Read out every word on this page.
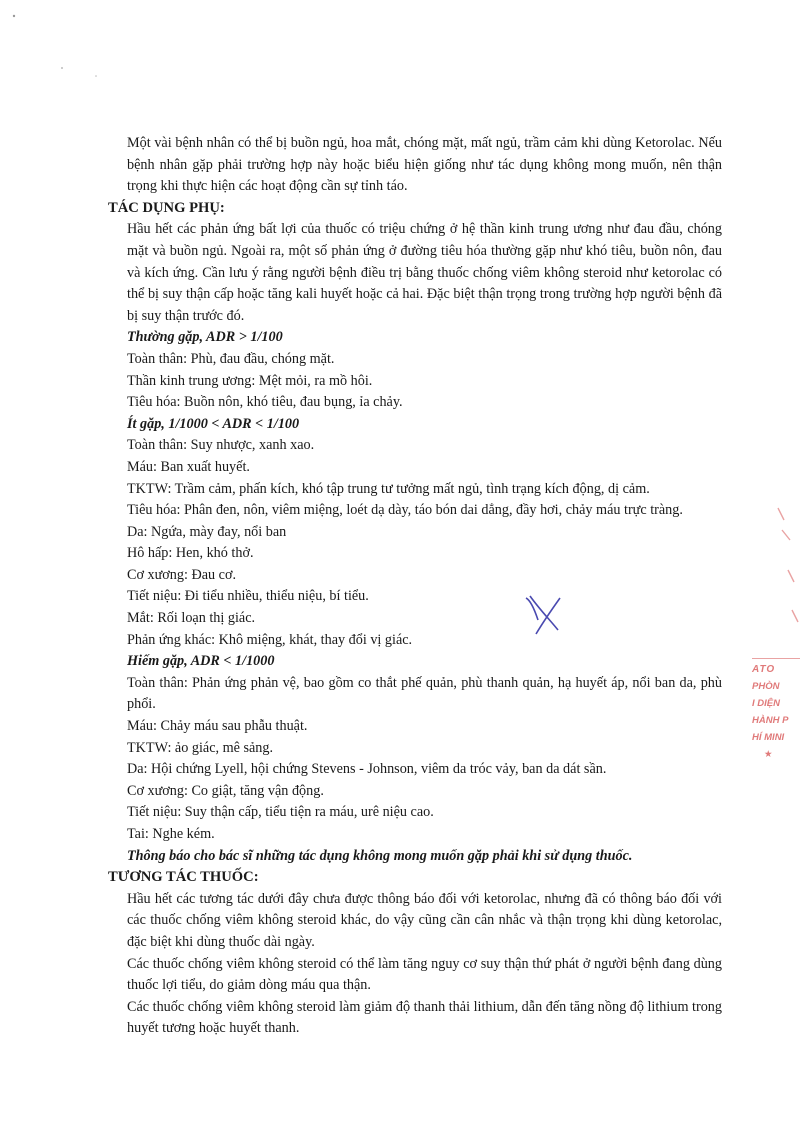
Một vài bệnh nhân có thể bị buồn ngủ, hoa mắt, chóng mặt, mất ngủ, trầm cảm khi dùng Ketorolac. Nếu bệnh nhân gặp phải trường hợp này hoặc biểu hiện giống như tác dụng không mong muốn, nên thận trọng khi thực hiện các hoạt động cần sự tỉnh táo.

TÁC DỤNG PHỤ:

Hầu hết các phản ứng bất lợi của thuốc có triệu chứng ở hệ thần kinh trung ương như đau đầu, chóng mặt và buồn ngủ. Ngoài ra, một số phản ứng ở đường tiêu hóa thường gặp như khó tiêu, buồn nôn, đau và kích ứng. Cần lưu ý rằng người bệnh điều trị bằng thuốc chống viêm không steroid như ketorolac có thể bị suy thận cấp hoặc tăng kali huyết hoặc cả hai. Đặc biệt thận trọng trong trường hợp người bệnh đã bị suy thận trước đó.

Thường gặp, ADR > 1/100

Toàn thân: Phù, đau đầu, chóng mặt.

Thần kinh trung ương: Mệt mỏi, ra mồ hôi.

Tiêu hóa: Buồn nôn, khó tiêu, đau bụng, ỉa chảy.

Ít gặp, 1/1000 < ADR < 1/100

Toàn thân: Suy nhược, xanh xao.

Máu: Ban xuất huyết.

TKTW: Trầm cảm, phấn kích, khó tập trung tư tưởng mất ngủ, tình trạng kích động, dị cảm.

Tiêu hóa: Phân đen, nôn, viêm miệng, loét dạ dày, táo bón dai dẳng, đầy hơi, chảy máu trực tràng.

Da: Ngứa, mày đay, nổi ban

Hô hấp: Hen, khó thở.

Cơ xương: Đau cơ.

Tiết niệu: Đi tiểu nhiều, thiểu niệu, bí tiểu.

Mắt: Rối loạn thị giác.

Phản ứng khác: Khô miệng, khát, thay đổi vị giác.

Hiếm gặp, ADR < 1/1000

Toàn thân: Phản ứng phản vệ, bao gồm co thắt phế quản, phù thanh quản, hạ huyết áp, nổi ban da, phù phổi.

Máu: Chảy máu sau phẫu thuật.

TKTW: ảo giác, mê sảng.

Da: Hội chứng Lyell, hội chứng Stevens - Johnson, viêm da tróc vảy, ban da dát sần.

Cơ xương: Co giật, tăng vận động.

Tiết niệu: Suy thận cấp, tiểu tiện ra máu, urê niệu cao.

Tai: Nghe kém.

Thông báo cho bác sĩ những tác dụng không mong muốn gặp phải khi sử dụng thuốc.

TƯƠNG TÁC THUỐC:

Hầu hết các tương tác dưới đây chưa được thông báo đối với ketorolac, nhưng đã có thông báo đối với các thuốc chống viêm không steroid khác, do vậy cũng cần cân nhắc và thận trọng khi dùng ketorolac, đặc biệt khi dùng thuốc dài ngày.

Các thuốc chống viêm không steroid có thể làm tăng nguy cơ suy thận thứ phát ở người bệnh đang dùng thuốc lợi tiểu, do giảm dòng máu qua thận.

Các thuốc chống viêm không steroid làm giảm độ thanh thải lithium, dẫn đến tăng nồng độ lithium trong huyết tương hoặc huyết thanh.

ATO
PHÒN
I DIỆN
HÀNH P
HÍ MINI
★
